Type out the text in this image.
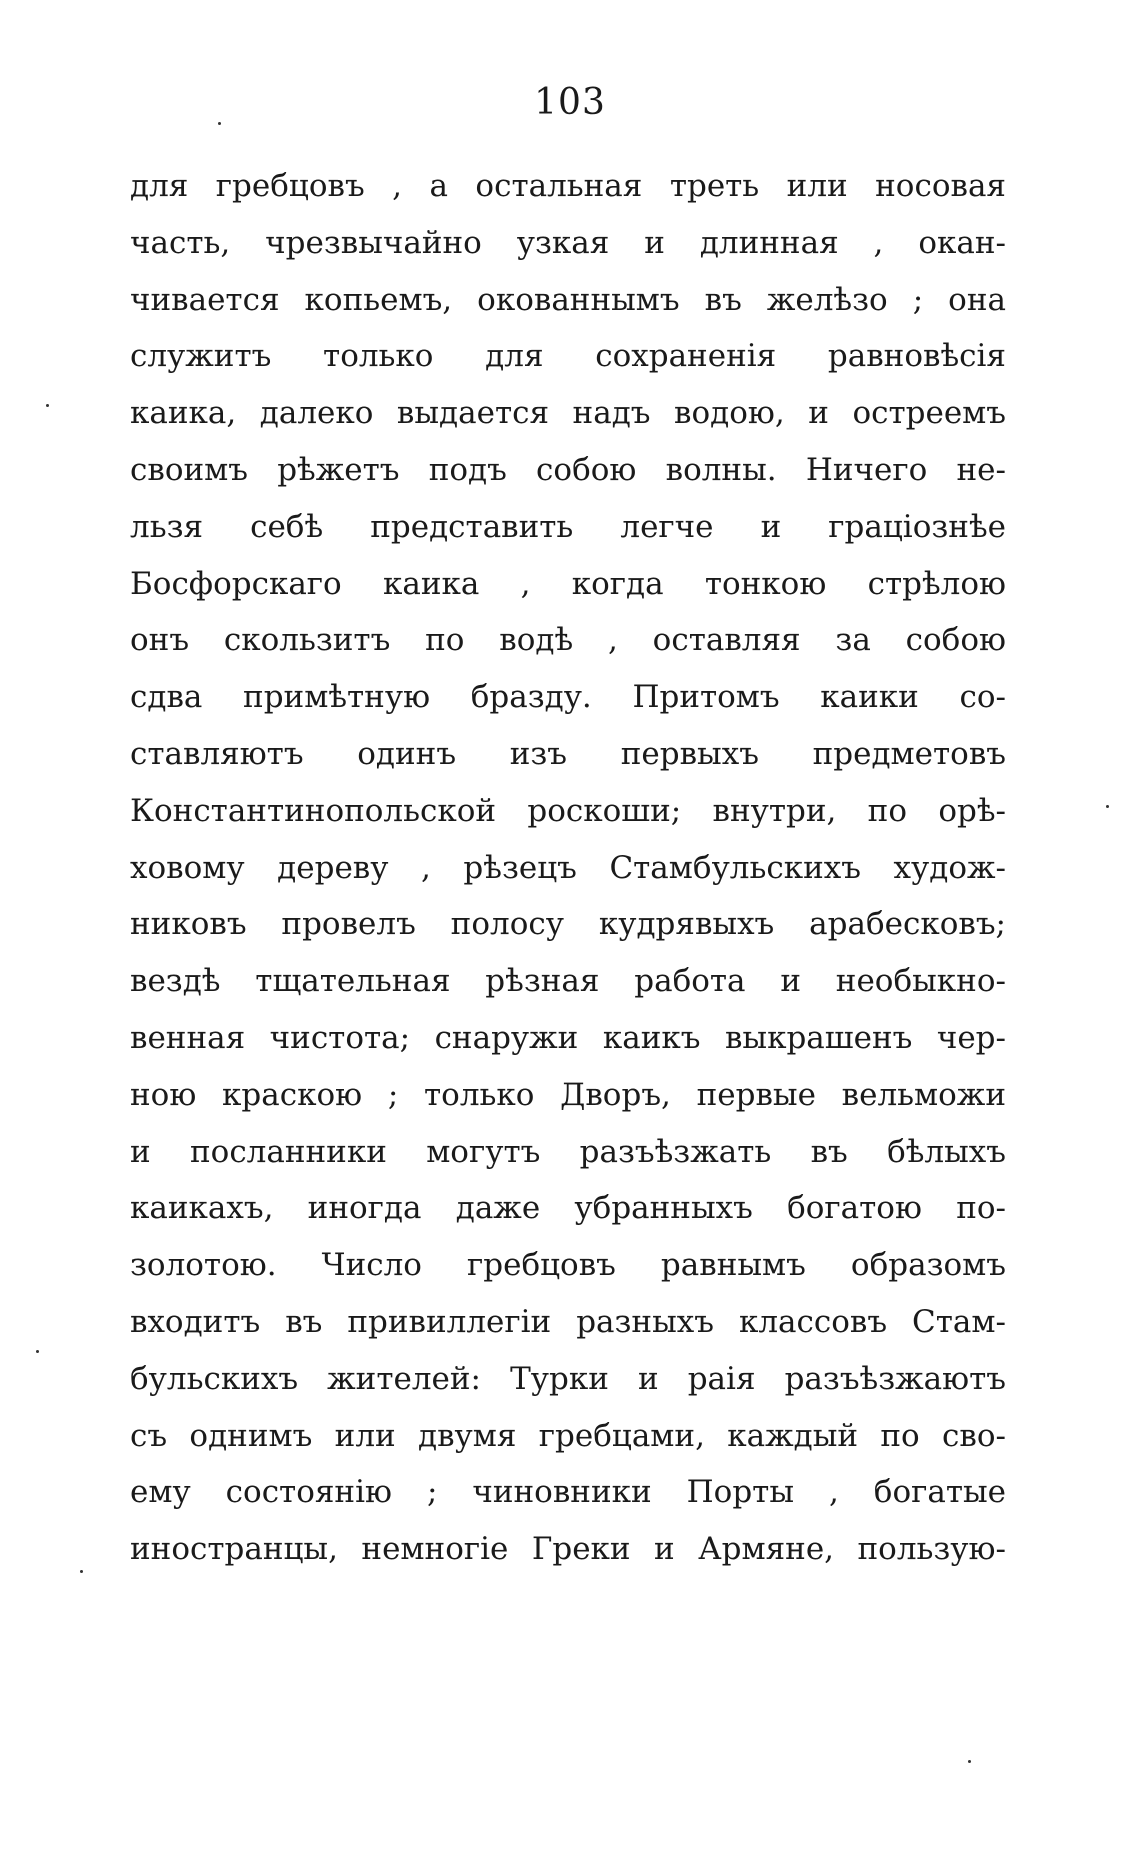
103
для гребцовъ , а остальная треть или носовая
часть, чрезвычайно узкая и длинная , окан-
чивается копьемъ, окованнымъ въ желѣзо ; она
служитъ только для сохраненія равновѣсія
каика, далеко выдается надъ водою, и остреемъ
своимъ рѣжетъ подъ собою волны. Ничего не-
льзя себѣ представить легче и граціознѣе
Босфорскаго каика , когда тонкою стрѣлою
онъ скользитъ по водѣ , оставляя за собою
сдва примѣтную бразду. Притомъ каики со-
ставляютъ одинъ изъ первыхъ предметовъ
Константинопольской роскоши; внутри, по орѣ-
ховому дереву , рѣзецъ Стамбульскихъ худож-
никовъ провелъ полосу кудрявыхъ арабесковъ;
вездѣ тщательная рѣзная работа и необыкно-
венная чистота; снаружи каикъ выкрашенъ чер-
ною краскою ; только Дворъ, первые вельможи
и посланники могутъ разъѣзжать въ бѣлыхъ
каикахъ, иногда даже убранныхъ богатою по-
золотою. Число гребцовъ равнымъ образомъ
входитъ въ привиллегіи разныхъ классовъ Стам-
бульскихъ жителей: Турки и раія разъѣзжаютъ
съ однимъ или двумя гребцами, каждый по сво-
ему состоянію ; чиновники Порты , богатые
иностранцы, немногіе Греки и Армяне, пользую-
